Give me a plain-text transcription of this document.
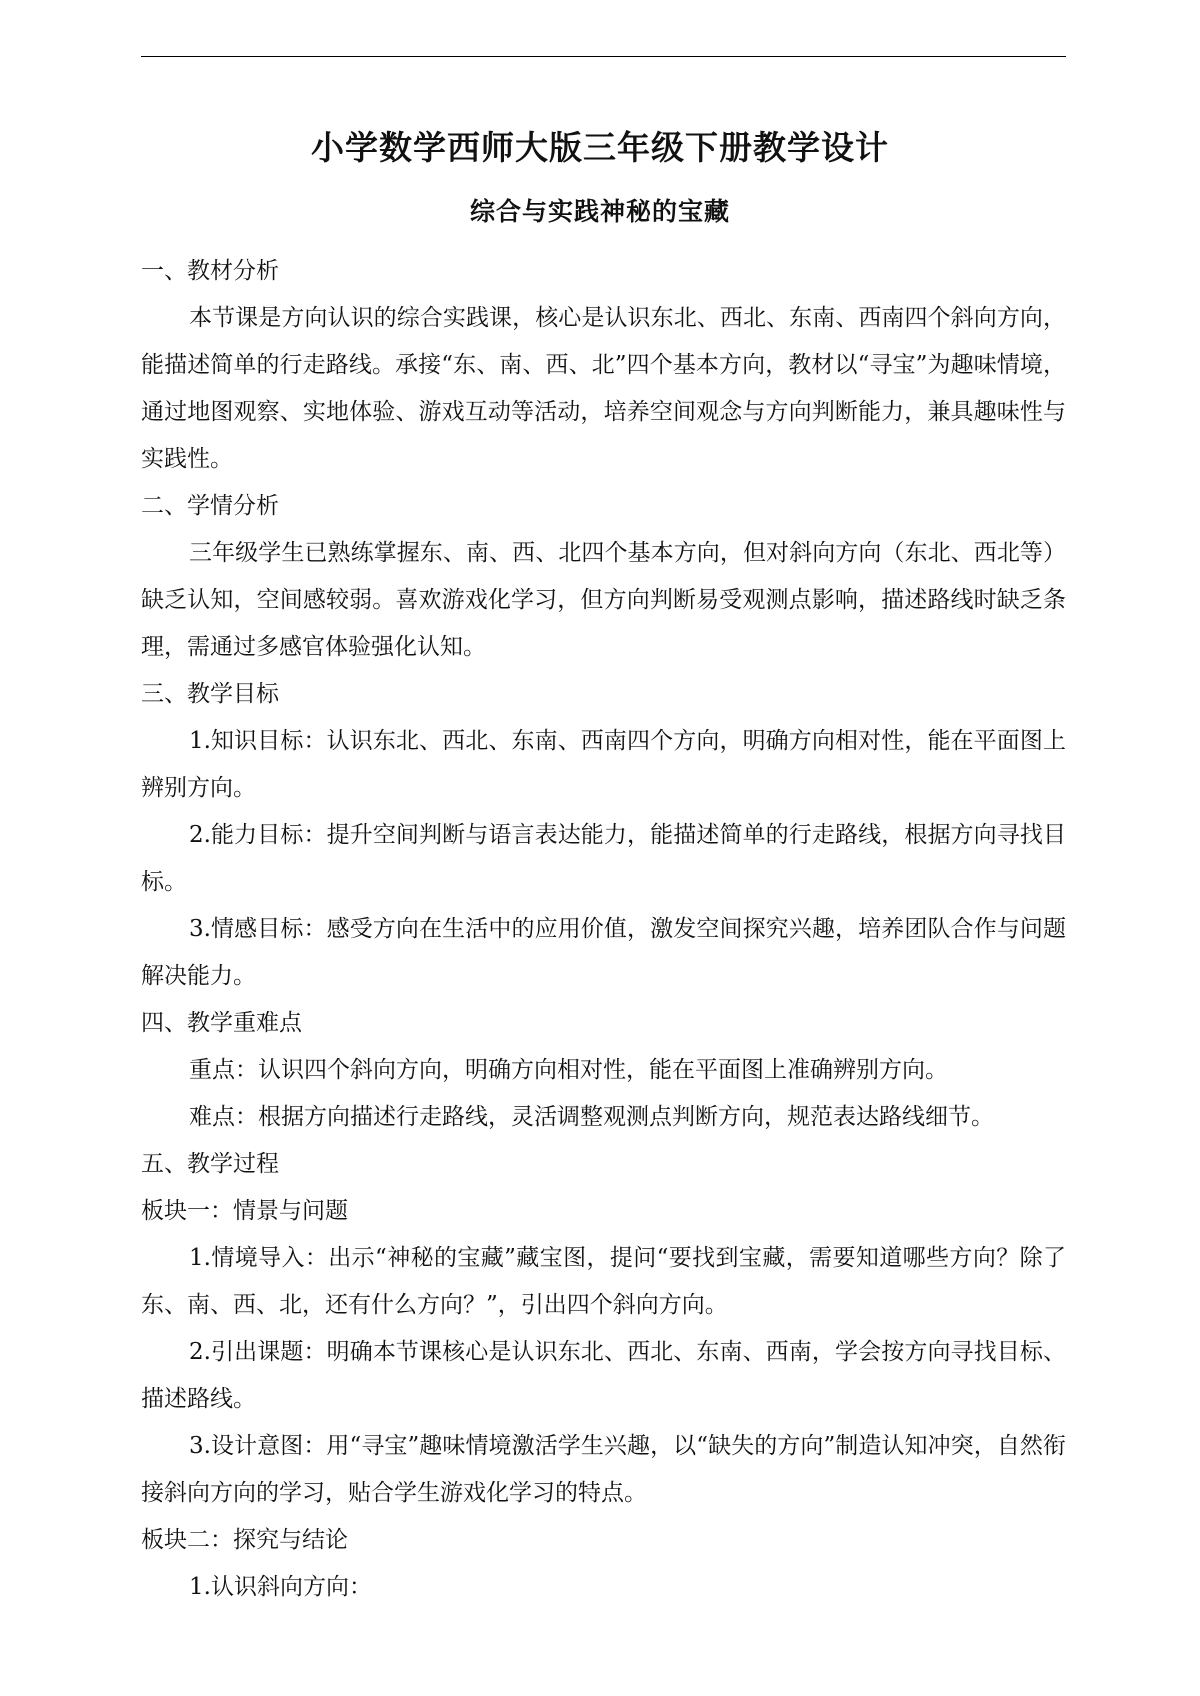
小学数学西师大版三年级下册教学设计
综合与实践神秘的宝藏

一、教材分析

本节课是方向认识的综合实践课，核心是认识东北、西北、东南、西南四个斜向方向，能描述简单的行走路线。承接“东、南、西、北”四个基本方向，教材以“寻宝”为趣味情境，通过地图观察、实地体验、游戏互动等活动，培养空间观念与方向判断能力，兼具趣味性与实践性。

二、学情分析

三年级学生已熟练掌握东、南、西、北四个基本方向，但对斜向方向（东北、西北等）缺乏认知，空间感较弱。喜欢游戏化学习，但方向判断易受观测点影响，描述路线时缺乏条理，需通过多感官体验强化认知。

三、教学目标

1.知识目标：认识东北、西北、东南、西南四个方向，明确方向相对性，能在平面图上辨别方向。

2.能力目标：提升空间判断与语言表达能力，能描述简单的行走路线，根据方向寻找目标。

3.情感目标：感受方向在生活中的应用价值，激发空间探究兴趣，培养团队合作与问题解决能力。

四、教学重难点

重点：认识四个斜向方向，明确方向相对性，能在平面图上准确辨别方向。

难点：根据方向描述行走路线，灵活调整观测点判断方向，规范表达路线细节。

五、教学过程

板块一：情景与问题

1.情境导入：出示“神秘的宝藏”藏宝图，提问“要找到宝藏，需要知道哪些方向？除了东、南、西、北，还有什么方向？”，引出四个斜向方向。

2.引出课题：明确本节课核心是认识东北、西北、东南、西南，学会按方向寻找目标、描述路线。

3.设计意图：用“寻宝”趣味情境激活学生兴趣，以“缺失的方向”制造认知冲突，自然衔接斜向方向的学习，贴合学生游戏化学习的特点。

板块二：探究与结论

1.认识斜向方向：
